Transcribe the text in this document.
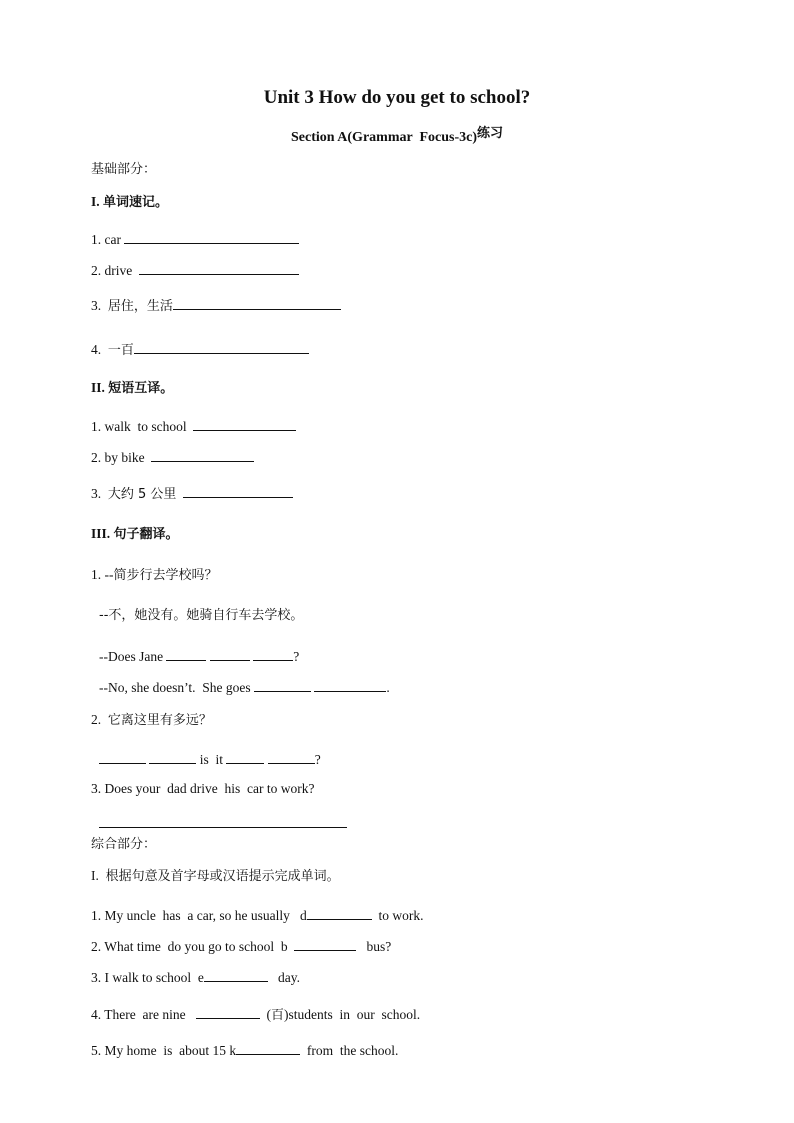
Unit 3 How do you get to school?
Section A(Grammar  Focus-3c)练习
基础部分：
I. 单词速记。
1. car
2. drive
3. 居住，生活
4. 一百
II. 短语互译。
1. walk  to school
2. by bike
3. 大约 5 公里
III. 句子翻译。
1. --简步行去学校吗？
--不，她没有。她骑自行车去学校。
--Does Jane	?
--No, she doesn’t.  She goes	.
2. 它离这里有多远？
is  it	?
3. Does your  dad drive  his  car to work?
综合部分：
I. 根据句意及首字母或汉语提示完成单词。
1. My uncle  has  a car, so he usually   d	to work.
2. What time  do you go to school  b	bus?
3. I walk to school  e	day.
4. There  are nine	(百)students  in  our  school.
5. My home  is  about 15 k	from  the school.
